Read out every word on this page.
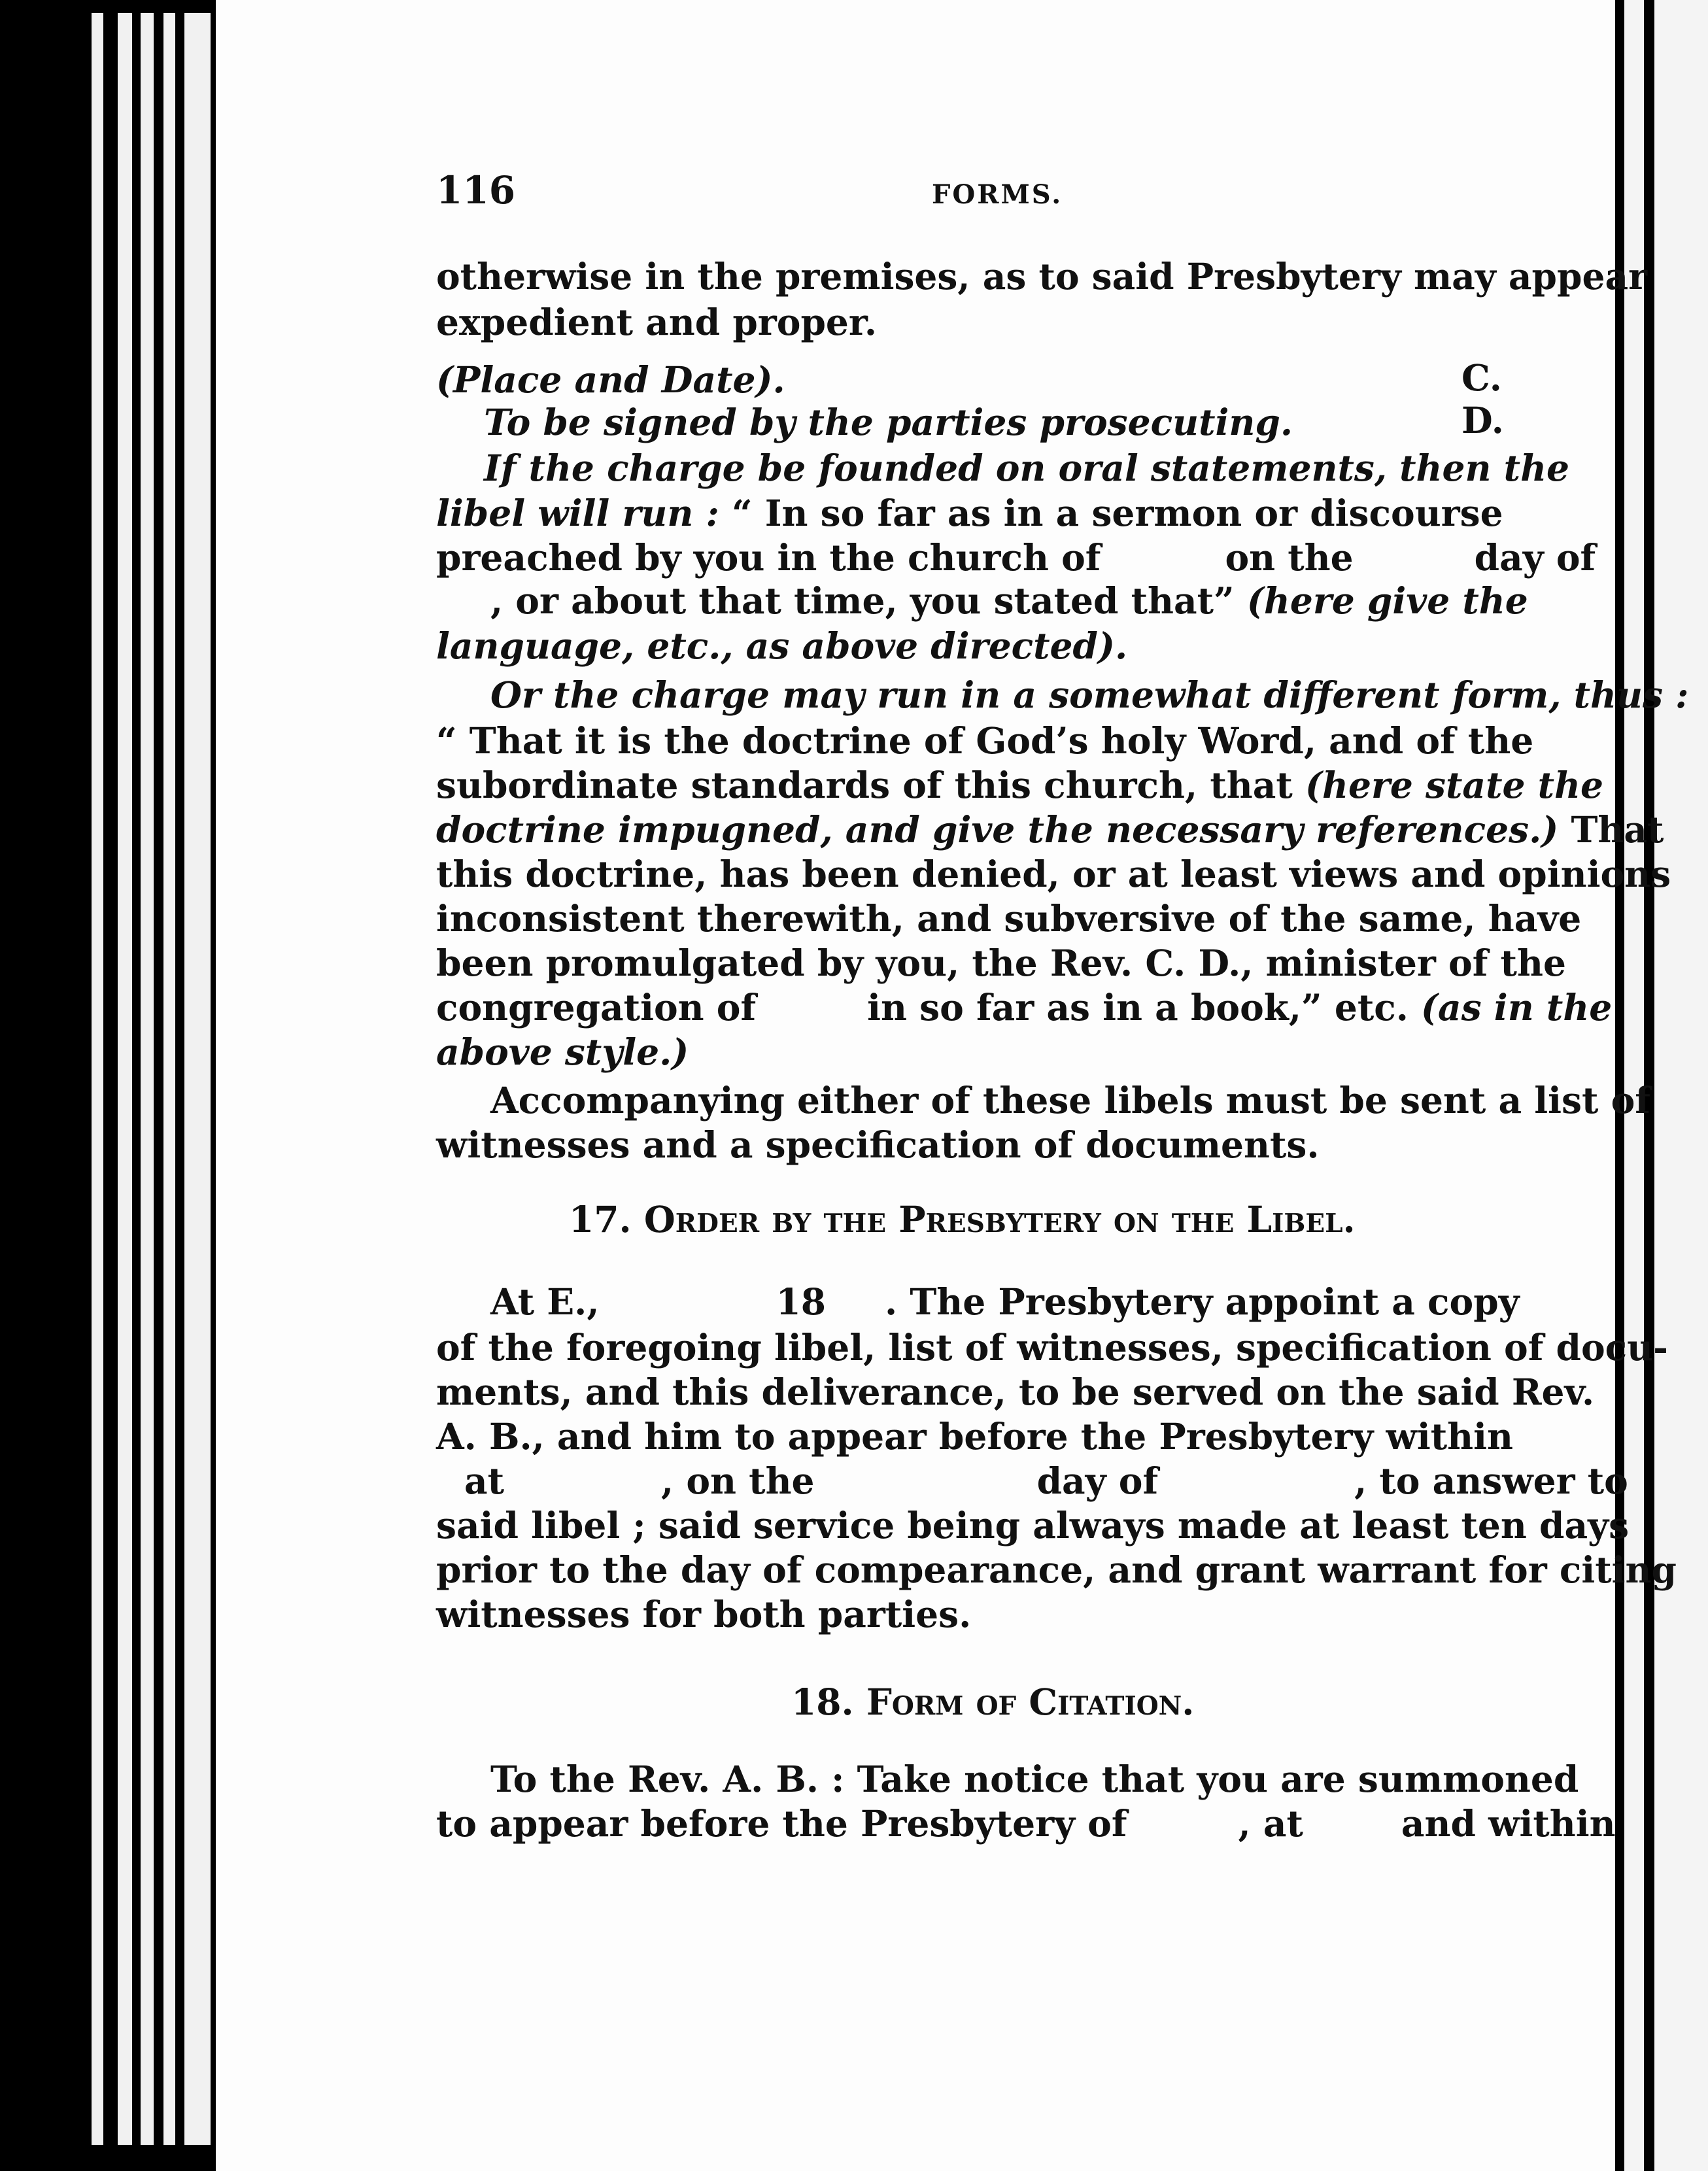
116	FORMS.
otherwise in the premises, as to said Presbytery may appear
expedient and proper.
(Place and Date).	C.
To be signed by the parties prosecuting.	D.
If the charge be founded on oral statements, then the
libel will run : “ In so far as in a sermon or discourse
preached by you in the church of	on the	day of
, or about that time, you stated that” (here give the
language, etc., as above directed).
Or the charge may run in a somewhat different form, thus :
“ That it is the doctrine of God’s holy Word, and of the
subordinate standards of this church, that (here state the
doctrine impugned, and give the necessary references.) That
this doctrine, has been denied, or at least views and opinions
inconsistent therewith, and subversive of the same, have
been promulgated by you, the Rev. C. D., minister of the
congregation of	in so far as in a book,” etc. (as in the
above style.)
Accompanying either of these libels must be sent a list of
witnesses and a specification of documents.
17. Order by the Presbytery on the Libel.
At E.,	18 . The Presbytery appoint a copy
of the foregoing libel, list of witnesses, specification of docu-
ments, and this deliverance, to be served on the said Rev.
A. B., and him to appear before the Presbytery within
at	, on the	day of	, to answer to
said libel ; said service being always made at least ten days
prior to the day of compearance, and grant warrant for citing
witnesses for both parties.
18. Form of Citation.
To the Rev. A. B. : Take notice that you are summoned
to appear before the Presbytery of	, at	and within
